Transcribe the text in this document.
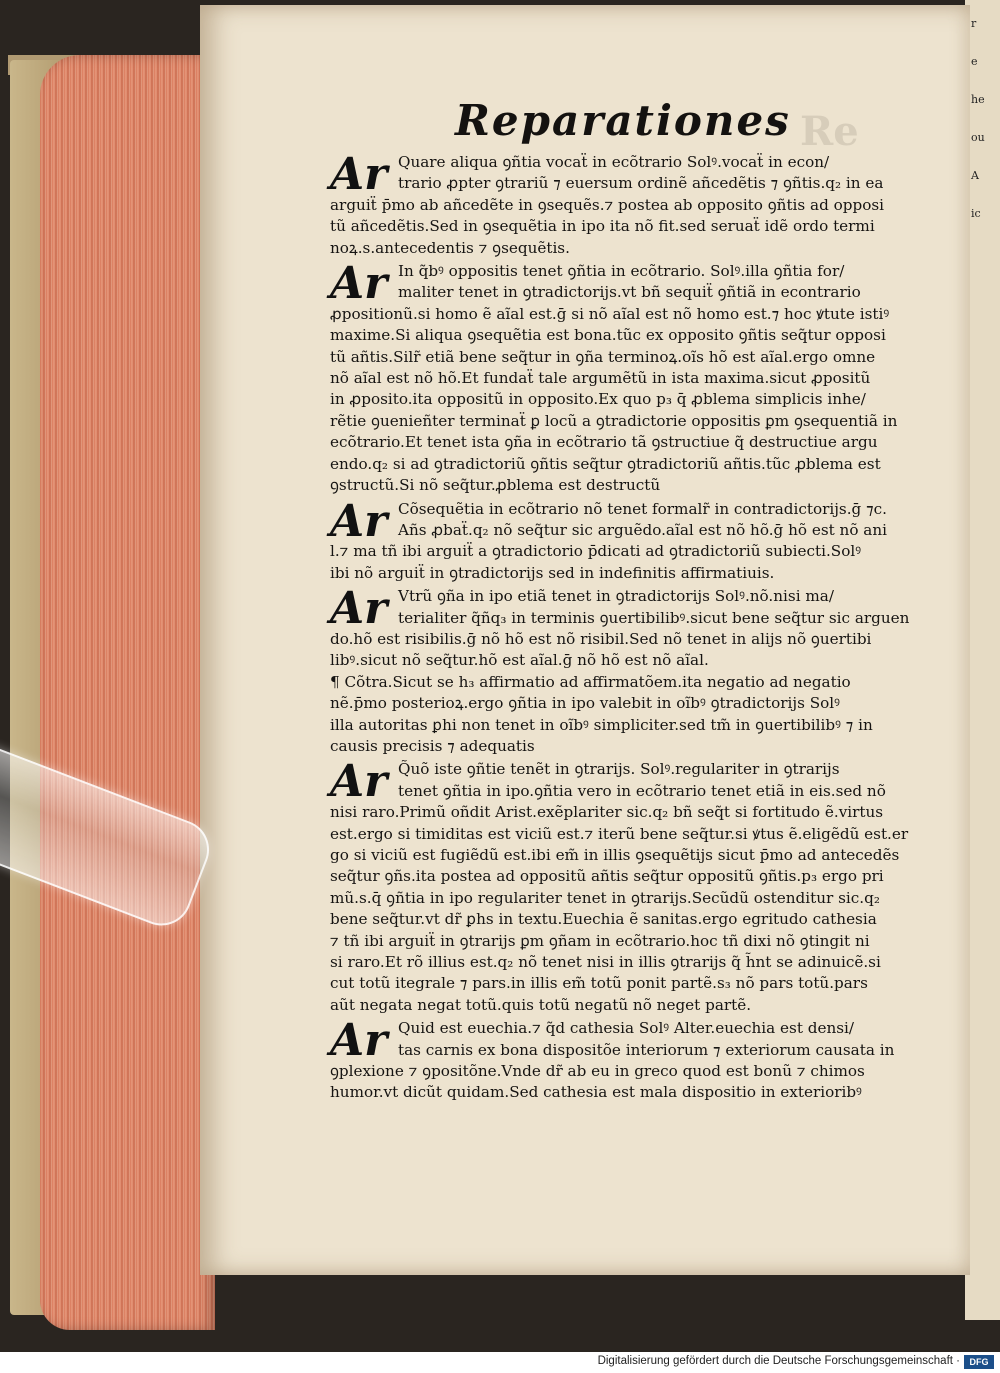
r

e

he

ou

A

ic
Re
Reparationes
Ar Quare aliqua ꝯñtia vocaẗ in ecõtrario Solꝰ.vocaẗ in econ/
trario ꝓpter ꝯtrariũ ⁊ euersum ordinẽ añcedẽtis ⁊ ꝯñtis.q₂ in ea
arguiẗ p̄mo ab añcedẽte in ꝯsequẽs.⁊ postea ab opposito ꝯñtis ad opposi
tũ añcedẽtis.Sed in ꝯsequẽtia in ipo ita nõ fit.sed seruaẗ idẽ ordo termi
noꝝ.s.antecedentis ⁊ ꝯsequẽtis.
Ar In q̃bꝰ oppositis tenet ꝯñtia in ecõtrario. Solꝰ.illa ꝯñtia for/
maliter tenet in ꝯtradictorijs.vt bñ sequiẗ ꝯñtiã in econtrario
ꝓpositionũ.si homo ẽ aĩal est.ḡ si nõ aĩal est nõ homo est.⁊ hoc ꝟtute istiꝰ
maxime.Si aliqua ꝯsequẽtia est bona.tũc ex opposito ꝯñtis seq̃tur opposi
tũ añtis.Silr̃ etiã bene seq̃tur in ꝯña terminoꝝ.oĩs hõ est aĩal.ergo omne
nõ aĩal est nõ hõ.Et fundaẗ tale argumẽtũ in ista maxima.sicut ꝓpositũ
in ꝓposito.ita oppositũ in opposito.Ex quo p₃ q̄ ꝓblema simplicis inhe/
rẽtie ꝯuenieñter terminaẗ ꝑ locũ a ꝯtradictorie oppositis ꝑm ꝯsequentiã in
ecõtrario.Et tenet ista ꝯña in ecõtrario tã ꝯstructiue q̃ destructiue argu
endo.q₂ si ad ꝯtradictoriũ ꝯñtis seq̃tur ꝯtradictoriũ añtis.tũc ꝓblema est
ꝯstructũ.Si nõ seq̃tur.ꝓblema est destructũ
Ar Cõsequẽtia in ecõtrario nõ tenet formalr̃ in contradictorijs.ḡ ⁊c.
Añs ꝓbaẗ.q₂ nõ seq̃tur sic arguẽdo.aĩal est nõ hõ.ḡ hõ est nõ ani
l.⁊ ma tñ ibi arguiẗ a ꝯtradictorio p̄dicati ad ꝯtradictoriũ subiecti.Solꝰ
ibi nõ arguiẗ in ꝯtradictorijs sed in indefinitis affirmatiuis.
Ar Vtrũ ꝯña in ipo etiã tenet in ꝯtradictorijs Solꝰ.nõ.nisi ma/
terialiter q̃ñq₃ in terminis ꝯuertibilibꝰ.sicut bene seq̃tur sic arguen
do.hõ est risibilis.ḡ nõ hõ est nõ risibil.Sed nõ tenet in alijs nõ ꝯuertibi
libꝰ.sicut nõ seq̃tur.hõ est aĩal.ḡ nõ hõ est nõ aĩal.
¶ Cõtra.Sicut se h₃ affirmatio ad affirmatõem.ita negatio ad negatio
nẽ.p̄mo posterioꝝ.ergo ꝯñtia in ipo valebit in oĩbꝰ ꝯtradictorijs Solꝰ
illa autoritas ꝑhi non tenet in oĩbꝰ simpliciter.sed tm̃ in ꝯuertibilibꝰ ⁊ in
causis precisis ⁊ adequatis
Ar Q̃uõ iste ꝯñtie tenẽt in ꝯtrarijs. Solꝰ.regulariter in ꝯtrarijs
tenet ꝯñtia in ipo.ꝯñtia vero in ecõtrario tenet etiã in eis.sed nõ
nisi raro.Primũ oñdit Arist.exẽplariter sic.q₂ bñ seq̃t si fortitudo ẽ.virtus
est.ergo si timiditas est viciũ est.⁊ iterũ bene seq̃tur.si ꝟtus ẽ.eligẽdũ est.er
go si viciũ est fugiẽdũ est.ibi em̃ in illis ꝯsequẽtijs sicut p̄mo ad antecedẽs
seq̃tur ꝯñs.ita postea ad oppositũ añtis seq̃tur oppositũ ꝯñtis.p₃ ergo pri
mũ.s.q̄ ꝯñtia in ipo regulariter tenet in ꝯtrarijs.Secũdũ ostenditur sic.q₂
bene seq̃tur.vt dr̃ ꝑhs in textu.Euechia ẽ sanitas.ergo egritudo cathesia
⁊ tñ ibi arguiẗ in ꝯtrarijs ꝑm ꝯñam in ecõtrario.hoc tñ dixi nõ ꝯtingit ni
si raro.Et rõ illius est.q₂ nõ tenet nisi in illis ꝯtrarijs q̃ h̃nt se adinuicẽ.si
cut totũ itegrale ⁊ pars.in illis em̃ totũ ponit partẽ.s₃ nõ pars totũ.pars
aũt negata negat totũ.quis totũ negatũ nõ neget partẽ.
Ar Quid est euechia.⁊ q̃d cathesia Solꝰ Alter.euechia est densi/
tas carnis ex bona dispositõe interiorum ⁊ exteriorum causata in
ꝯplexione ⁊ ꝯpositõne.Vnde dr̃ ab eu in greco quod est bonũ ⁊ chimos
humor.vt dicũt quidam.Sed cathesia est mala dispositio in exterioribꝰ
Digitalisierung gefördert durch die Deutsche Forschungsgemeinschaft ·	DFG
